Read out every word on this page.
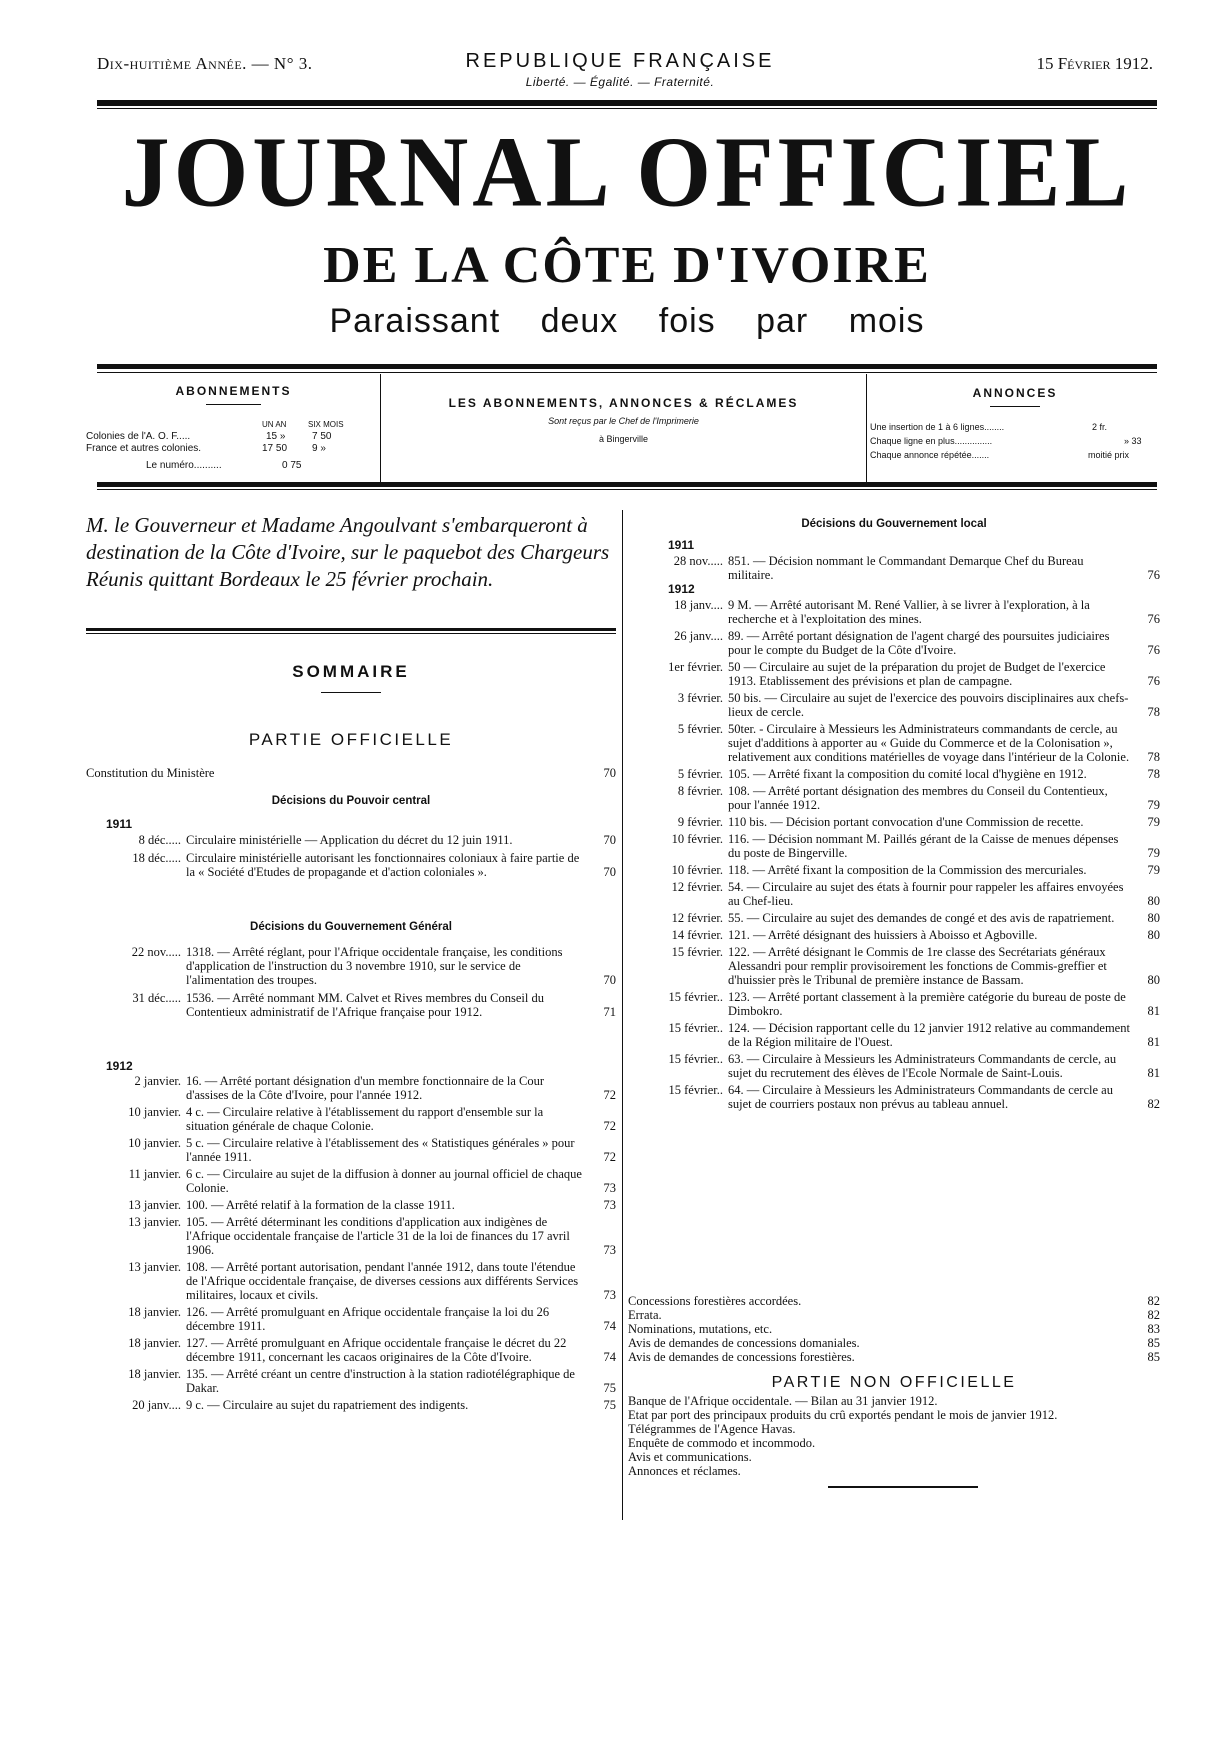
Dix-huitième Année. — N° 3.	REPUBLIQUE FRANÇAISE
Liberté. — Égalité. — Fraternité.
15 Février 1912.
JOURNAL OFFICIEL
DE LA CÔTE D'IVOIRE
Paraissant deux fois par mois
ABONNEMENTS
UN AN	SIX MOIS
Colonies de l'A. O. F.....	15 »	7 50
France et autres colonies.	17 50 9 »
Le numéro..........	0 75
LES ABONNEMENTS, ANNONCES & RÉCLAMES
Sont reçus par le Chef de l'Imprimerie
à Bingerville
ANNONCES
Une insertion de 1 à 6 lignes........	2 fr.
Chaque ligne en plus...............	» 33
Chaque annonce répétée.......	moitié prix
M. le Gouverneur et Madame Angoulvant s'embarqueront à destination de la Côte d'Ivoire, sur le paquebot des Chargeurs Réunis quittant Bordeaux le 25 février prochain.
SOMMAIRE
PARTIE OFFICIELLE
Constitution du Ministère	70
Décisions du Pouvoir central
1911
8 déc..... Circulaire ministérielle — Application du décret du 12 juin 1911.	70
18 déc..... Circulaire ministérielle autorisant les fonctionnaires coloniaux à faire partie de la « Société d'Etudes de propagande et d'action coloniales ».	70
Décisions du Gouvernement Général
22 nov..... 1318. — Arrêté réglant, pour l'Afrique occidentale française, les conditions d'application de l'instruction du 3 novembre 1910, sur le service de l'alimentation des troupes.	70
31 déc..... 1536. — Arrêté nommant MM. Calvet et Rives membres du Conseil du Contentieux administratif de l'Afrique française pour 1912.	71
1912
2 janvier. 16. — Arrêté portant désignation d'un membre fonctionnaire de la Cour d'assises de la Côte d'Ivoire, pour l'année 1912.	72
10 janvier. 4 c. — Circulaire relative à l'établissement du rapport d'ensemble sur la situation générale de chaque Colonie.	72
10 janvier. 5 c. — Circulaire relative à l'établissement des « Statistiques générales » pour l'année 1911.	72
11 janvier. 6 c. — Circulaire au sujet de la diffusion à donner au journal officiel de chaque Colonie.	73
13 janvier. 100. — Arrêté relatif à la formation de la classe 1911.	73
13 janvier. 105. — Arrêté déterminant les conditions d'application aux indigènes de l'Afrique occidentale française de l'article 31 de la loi de finances du 17 avril 1906.	73
13 janvier. 108. — Arrêté portant autorisation, pendant l'année 1912, dans toute l'étendue de l'Afrique occidentale française, de diverses cessions aux différents Services militaires, locaux et civils.	73
18 janvier. 126. — Arrêté promulguant en Afrique occidentale française la loi du 26 décembre 1911.	74
18 janvier. 127. — Arrêté promulguant en Afrique occidentale française le décret du 22 décembre 1911, concernant les cacaos originaires de la Côte d'Ivoire.	74
18 janvier. 135. — Arrêté créant un centre d'instruction à la station radiotélégraphique de Dakar.	75
20 janv.... 9 c. — Circulaire au sujet du rapatriement des indigents.	75
Décisions du Gouvernement local
1911
28 nov..... 851. — Décision nommant le Commandant Demarque Chef du Bureau militaire.	76
1912
18 janv.... 9 M. — Arrêté autorisant M. René Vallier, à se livrer à l'exploration, à la recherche et à l'exploitation des mines.	76
26 janv.... 89. — Arrêté portant désignation de l'agent chargé des poursuites judiciaires pour le compte du Budget de la Côte d'Ivoire.	76
1er février. 50 — Circulaire au sujet de la préparation du projet de Budget de l'exercice 1913. Etablissement des prévisions et plan de campagne.	76
3 février. 50 bis. — Circulaire au sujet de l'exercice des pouvoirs disciplinaires aux chefs-lieux de cercle.	78
5 février. 50ter. - Circulaire à Messieurs les Administrateurs commandants de cercle, au sujet d'additions à apporter au « Guide du Commerce et de la Colonisation », relativement aux conditions matérielles de voyage dans l'intérieur de la Colonie.	78
5 février. 105. — Arrêté fixant la composition du comité local d'hygiène en 1912.	78
8 février. 108. — Arrêté portant désignation des membres du Conseil du Contentieux, pour l'année 1912.	79
9 février. 110 bis. — Décision portant convocation d'une Commission de recette.	79
10 février. 116. — Décision nommant M. Paillés gérant de la Caisse de menues dépenses du poste de Bingerville.	79
10 février. 118. — Arrêté fixant la composition de la Commission des mercuriales.	79
12 février. 54. — Circulaire au sujet des états à fournir pour rappeler les affaires envoyées au Chef-lieu.	80
12 février. 55. — Circulaire au sujet des demandes de congé et des avis de rapatriement.	80
14 février. 121. — Arrêté désignant des huissiers à Aboisso et Agboville.	80
15 février. 122. — Arrêté désignant le Commis de 1re classe des Secrétariats généraux Alessandri pour remplir provisoirement les fonctions de Commis-greffier et d'huissier près le Tribunal de première instance de Bassam.	80
15 février.. 123. — Arrêté portant classement à la première catégorie du bureau de poste de Dimbokro.	81
15 février.. 124. — Décision rapportant celle du 12 janvier 1912 relative au commandement de la Région militaire de l'Ouest.	81
15 février.. 63. — Circulaire à Messieurs les Administrateurs Commandants de cercle, au sujet du recrutement des élèves de l'Ecole Normale de Saint-Louis.	81
15 février.. 64. — Circulaire à Messieurs les Administrateurs Commandants de cercle au sujet de courriers postaux non prévus au tableau annuel.	82
Concessions forestières accordées.	82
Errata.	82
Nominations, mutations, etc.	83
Avis de demandes de concessions domaniales.	85
Avis de demandes de concessions forestières.	85
PARTIE NON OFFICIELLE
Banque de l'Afrique occidentale. — Bilan au 31 janvier 1912.
Etat par port des principaux produits du crû exportés pendant le mois de janvier 1912.
Télégrammes de l'Agence Havas.
Enquête de commodo et incommodo.
Avis et communications.
Annonces et réclames.
